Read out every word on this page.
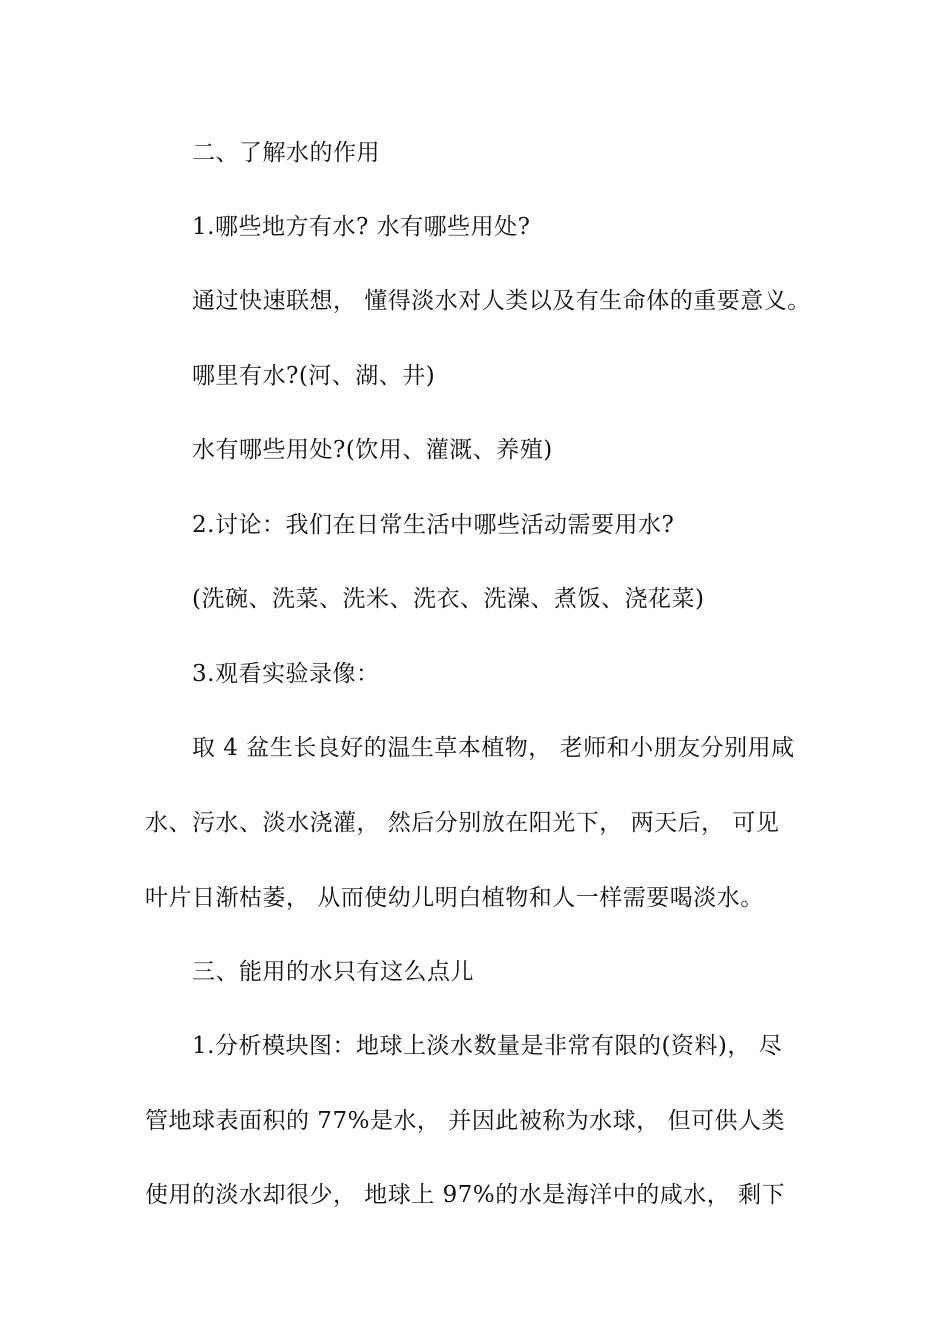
二、了解水的作用
1.哪些地方有水? 水有哪些用处?
通过快速联想， 懂得淡水对人类以及有生命体的重要意义。
哪里有水?(河、湖、井)
水有哪些用处?(饮用、灌溉、养殖)
2.讨论：我们在日常生活中哪些活动需要用水?
(洗碗、洗菜、洗米、洗衣、洗澡、煮饭、浇花菜)
3.观看实验录像：
取 4 盆生长良好的温生草本植物， 老师和小朋友分别用咸
水、污水、淡水浇灌， 然后分别放在阳光下， 两天后， 可见
叶片日渐枯萎， 从而使幼儿明白植物和人一样需要喝淡水。
三、能用的水只有这么点儿
1.分析模块图：地球上淡水数量是非常有限的(资料)， 尽
管地球表面积的 77%是水， 并因此被称为水球， 但可供人类
使用的淡水却很少， 地球上 97%的水是海洋中的咸水， 剩下
